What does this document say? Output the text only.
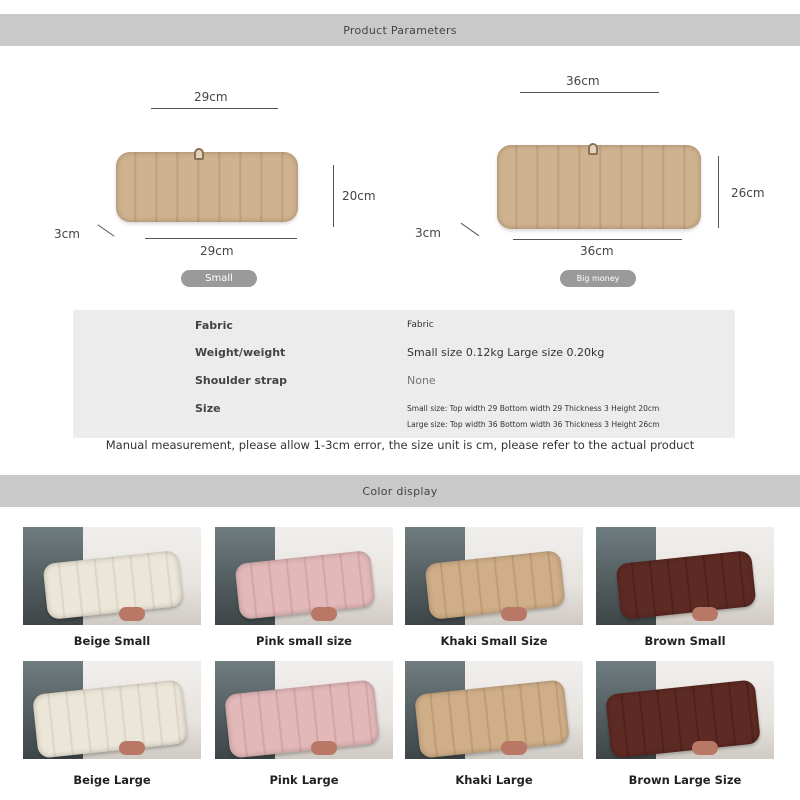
Product Parameters
29cm
20cm
3cm
29cm
Small
36cm
26cm
3cm
36cm
Big money
Fabric	Fabric
Weight/weight	Small size 0.12kg Large size 0.20kg
Shoulder strap	None
Size	Small size: Top width 29 Bottom width 29 Thickness 3 Height 20cm
Large size: Top width 36 Bottom width 36 Thickness 3 Height 26cm
Manual measurement, please allow 1-3cm error, the size unit is cm, please refer to the actual product
Color display
Beige Small	Pink small size	Khaki Small Size	Brown Small
Beige Large	Pink Large	Khaki Large	Brown Large Size
